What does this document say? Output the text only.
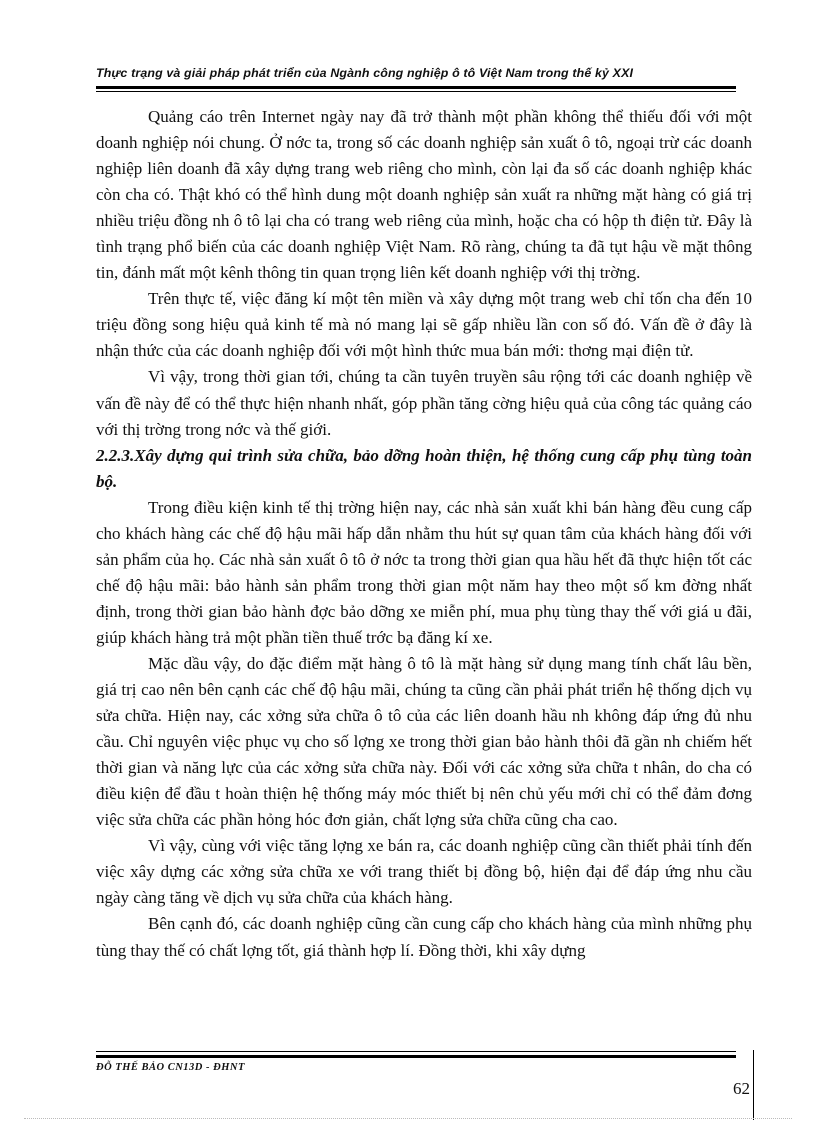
Thực trạng và giải pháp phát triển của Ngành công nghiệp ô tô Việt Nam trong thế kỷ XXI

Quảng cáo trên Internet ngày nay đã trở thành một phần không thể thiếu đối với một doanh nghiệp nói chung. Ở nớc ta, trong số các doanh nghiệp sản xuất ô tô, ngoại trừ các doanh nghiệp liên doanh đã xây dựng trang web riêng cho mình, còn lại đa số các doanh nghiệp khác còn cha có. Thật khó có thể hình dung một doanh nghiệp sản xuất ra những mặt hàng có giá trị nhiều triệu đồng nh ô tô lại cha có trang web riêng của mình, hoặc cha có hộp th điện tử. Đây là tình trạng phổ biến của các doanh nghiệp Việt Nam. Rõ ràng, chúng ta đã tụt hậu về mặt thông tin, đánh mất một kênh thông tin quan trọng liên kết doanh nghiệp với thị trờng.

Trên thực tế, việc đăng kí một tên miền và xây dựng một trang web chỉ tốn cha đến 10 triệu đồng song hiệu quả kinh tế mà nó mang lại sẽ gấp nhiều lần con số đó. Vấn đề ở đây là nhận thức của các doanh nghiệp đối với một hình thức mua bán mới: thơng mại điện tử.

Vì vậy, trong thời gian tới, chúng ta cần tuyên truyền sâu rộng tới các doanh nghiệp về vấn đề này để có thể thực hiện nhanh nhất, góp phần tăng cờng hiệu quả của công tác quảng cáo với thị trờng trong nớc và thế giới.

2.2.3.Xây dựng qui trình sửa chữa, bảo dỡng hoàn thiện, hệ thống cung cấp phụ tùng toàn bộ.

Trong điều kiện kinh tế thị trờng hiện nay, các nhà sản xuất khi bán hàng đều cung cấp cho khách hàng các chế độ hậu mãi hấp dẫn nhằm thu hút sự quan tâm của khách hàng đối với sản phẩm của họ. Các nhà sản xuất ô tô ở nớc ta trong thời gian qua hầu hết đã thực hiện tốt các chế độ hậu mãi: bảo hành sản phẩm trong thời gian một năm hay theo một số km đờng nhất định, trong thời gian bảo hành đợc bảo dỡng xe miễn phí, mua phụ tùng thay thế với giá u đãi, giúp khách hàng trả một phần tiền thuế trớc bạ đăng kí xe.

Mặc dầu vậy, do đặc điểm mặt hàng ô tô là mặt hàng sử dụng mang tính chất lâu bền, giá trị cao nên bên cạnh các chế độ hậu mãi, chúng ta cũng cần phải phát triển hệ thống dịch vụ sửa chữa. Hiện nay, các xởng sửa chữa ô tô của các liên doanh hầu nh không đáp ứng đủ nhu cầu. Chỉ nguyên việc phục vụ cho số lợng xe trong thời gian bảo hành thôi đã gần nh chiếm hết thời gian và năng lực của các xởng sửa chữa này. Đối với các xởng sửa chữa t nhân, do cha có điều kiện để đầu t hoàn thiện hệ thống máy móc thiết bị nên chủ yếu mới chỉ có thể đảm đơng việc sửa chữa các phần hỏng hóc đơn giản, chất lợng sửa chữa cũng cha cao.

Vì vậy, cùng với việc tăng lợng xe bán ra, các doanh nghiệp cũng cần thiết phải tính đến việc xây dựng các xởng sửa chữa xe với trang thiết bị đồng bộ, hiện đại để đáp ứng nhu cầu ngày càng tăng về dịch vụ sửa chữa của khách hàng.

Bên cạnh đó, các doanh nghiệp cũng cần cung cấp cho khách hàng của mình những phụ tùng thay thế có chất lợng tốt, giá thành hợp lí. Đồng thời, khi xây dựng

ĐỖ THẾ BẢO CN13D - ĐHNT
62
